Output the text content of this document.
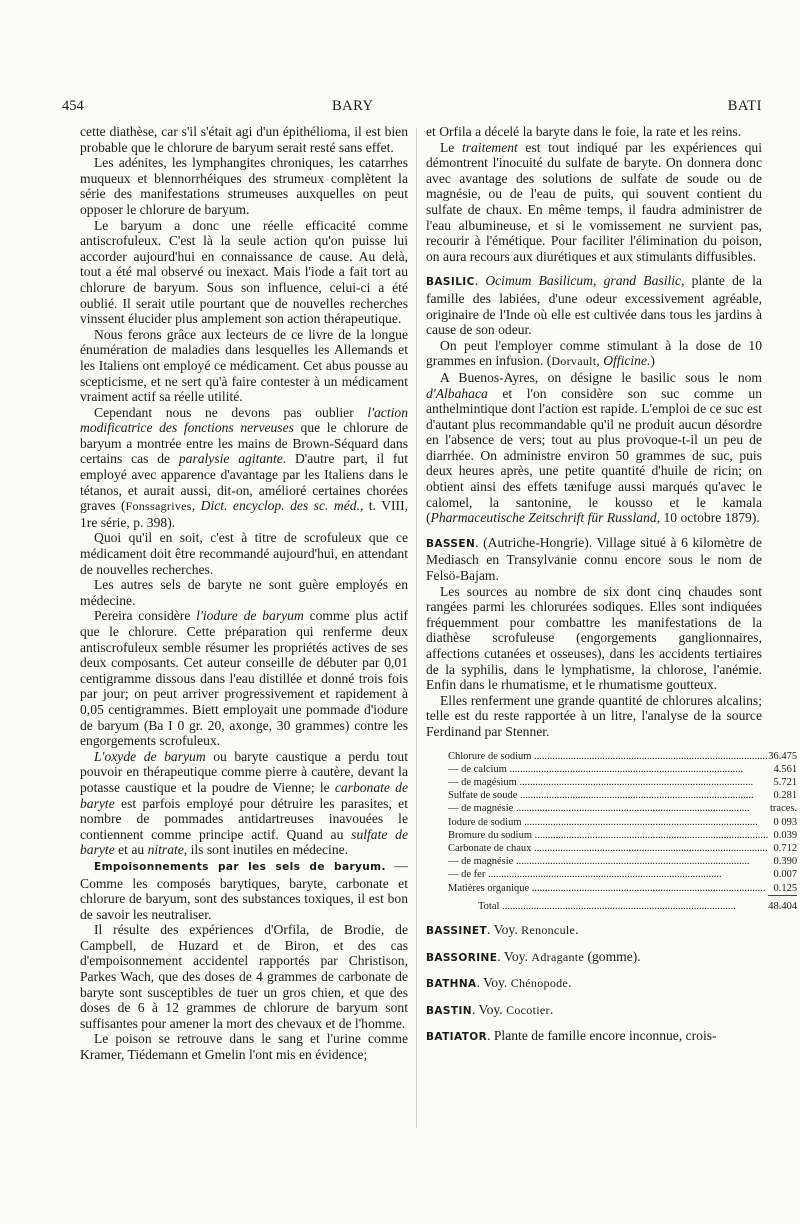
454	BARY	BATI

cette diathèse, car s'il s'était agi d'un épithélioma, il est bien probable que le chlorure de baryum serait resté sans effet.

Les adénites, les lymphangites chroniques, les catarrhes muqueux et blennorrhéiques des strumeux complètent la série des manifestations strumeuses auxquelles on peut opposer le chlorure de baryum.

Le baryum a donc une réelle efficacité comme antiscrofuleux. C'est là la seule action qu'on puisse lui accorder aujourd'hui en connaissance de cause. Au delà, tout a été mal observé ou inexact. Mais l'iode a fait tort au chlorure de baryum. Sous son influence, celui-ci a été oublié. Il serait utile pourtant que de nouvelles recherches vinssent élucider plus amplement son action thérapeutique.

Nous ferons grâce aux lecteurs de ce livre de la longue énumération de maladies dans lesquelles les Allemands et les Italiens ont employé ce médicament. Cet abus pousse au scepticisme, et ne sert qu'à faire contester à un médicament vraiment actif sa réelle utilité.

Cependant nous ne devons pas oublier l'action modificatrice des fonctions nerveuses que le chlorure de baryum a montrée entre les mains de Brown-Séquard dans certains cas de paralysie agitante. D'autre part, il fut employé avec apparence d'avantage par les Italiens dans le tétanos, et aurait aussi, dit-on, amélioré certaines chorées graves (Fonssagrives, Dict. encyclop. des sc. méd., t. VIII, 1re série, p. 398).

Quoi qu'il en soit, c'est à titre de scrofuleux que ce médicament doit être recommandé aujourd'hui, en attendant de nouvelles recherches.

Les autres sels de baryte ne sont guère employés en médecine.

Pereira considère l'iodure de baryum comme plus actif que le chlorure. Cette préparation qui renferme deux antiscrofuleux semble résumer les propriétés actives de ses deux composants. Cet auteur conseille de débuter par 0,01 centigramme dissous dans l'eau distillée et donné trois fois par jour; on peut arriver progressivement et rapidement à 0,05 centigrammes. Biett employait une pommade d'iodure de baryum (Ba I 0 gr. 20, axonge, 30 grammes) contre les engorgements scrofuleux.

L'oxyde de baryum ou baryte caustique a perdu tout pouvoir en thérapeutique comme pierre à cautère, devant la potasse caustique et la poudre de Vienne; le carbonate de baryte est parfois employé pour détruire les parasites, et nombre de pommades antidartreuses inavouées le contiennent comme principe actif. Quand au sulfate de baryte et au nitrate, ils sont inutiles en médecine.

Empoisonnements par les sels de baryum. — Comme les composés barytiques, baryte, carbonate et chlorure de baryum, sont des substances toxiques, il est bon de savoir les neutraliser.

Il résulte des expériences d'Orfila, de Brodie, de Campbell, de Huzard et de Biron, et des cas d'empoisonnement accidentel rapportés par Christison, Parkes Wach, que des doses de 4 grammes de carbonate de baryte sont susceptibles de tuer un gros chien, et que des doses de 6 à 12 grammes de chlorure de baryum sont suffisantes pour amener la mort des chevaux et de l'homme.

Le poison se retrouve dans le sang et l'urine comme Kramer, Tiédemann et Gmelin l'ont mis en évidence;

et Orfila a décelé la baryte dans le foie, la rate et les reins.

Le traitement est tout indiqué par les expériences qui démontrent l'inocuité du sulfate de baryte. On donnera donc avec avantage des solutions de sulfate de soude ou de magnésie, ou de l'eau de puits, qui souvent contient du sulfate de chaux. En même temps, il faudra administrer de l'eau albumineuse, et si le vomissement ne survient pas, recourir à l'émétique. Pour faciliter l'élimination du poison, on aura recours aux diurétiques et aux stimulants diffusibles.

BASILIC. Ocimum Basilicum, grand Basilic, plante de la famille des labiées, d'une odeur excessivement agréable, originaire de l'Inde où elle est cultivée dans tous les jardins à cause de son odeur.

On peut l'employer comme stimulant à la dose de 10 grammes en infusion. (Dorvault, Officine.)

A Buenos-Ayres, on désigne le basilic sous le nom d'Albahaca et l'on considère son suc comme un anthelmintique dont l'action est rapide. L'emploi de ce suc est d'autant plus recommandable qu'il ne produit aucun désordre en l'absence de vers; tout au plus provoque-t-il un peu de diarrhée. On administre environ 50 grammes de suc, puis deux heures après, une petite quantité d'huile de ricin; on obtient ainsi des effets tænifuge aussi marqués qu'avec le calomel, la santonine, le kousso et le kamala (Pharmaceutische Zeitschrift für Russland, 10 octobre 1879).

BASSEN. (Autriche-Hongrie). Village situé à 6 kilomètre de Mediasch en Transylvanie connu encore sous le nom de Felsö-Bajam.

Les sources au nombre de six dont cinq chaudes sont rangées parmi les chlorurées sodiques. Elles sont indiquées fréquemment pour combattre les manifestations de la diathèse scrofuleuse (engorgements ganglionnaires, affections cutanées et osseuses), dans les accidents tertiaires de la syphilis, dans le lymphatisme, la chlorose, l'anémie. Enfin dans le rhumatisme, et le rhumatisme goutteux.

Elles renferment une grande quantité de chlorures alcalins; telle est du reste rapportée à un litre, l'analyse de la source Ferdinand par Stenner.

Chlorure de sodium .....	36.475
— de calcium .....	4.561
— de magésium .....	5.721
Sulfate de soude .....	0.281
— de magnésie .....	traces.
Iodure de sodium .....	0 093
Bromure du sodium .....	0.039
Carbonate de chaux .....	0.712
— de magnésie .....	0.390
— de fer .....	0.007
Matières organique .....	0.125
Total .....	48.404

BASSINET. Voy. Renoncule.

BASSORINE. Voy. Adragante (gomme).

BATHNA. Voy. Chénopode.

BASTIN. Voy. Cocotier.

BATIATOR. Plante de famille encore inconnue, crois-
